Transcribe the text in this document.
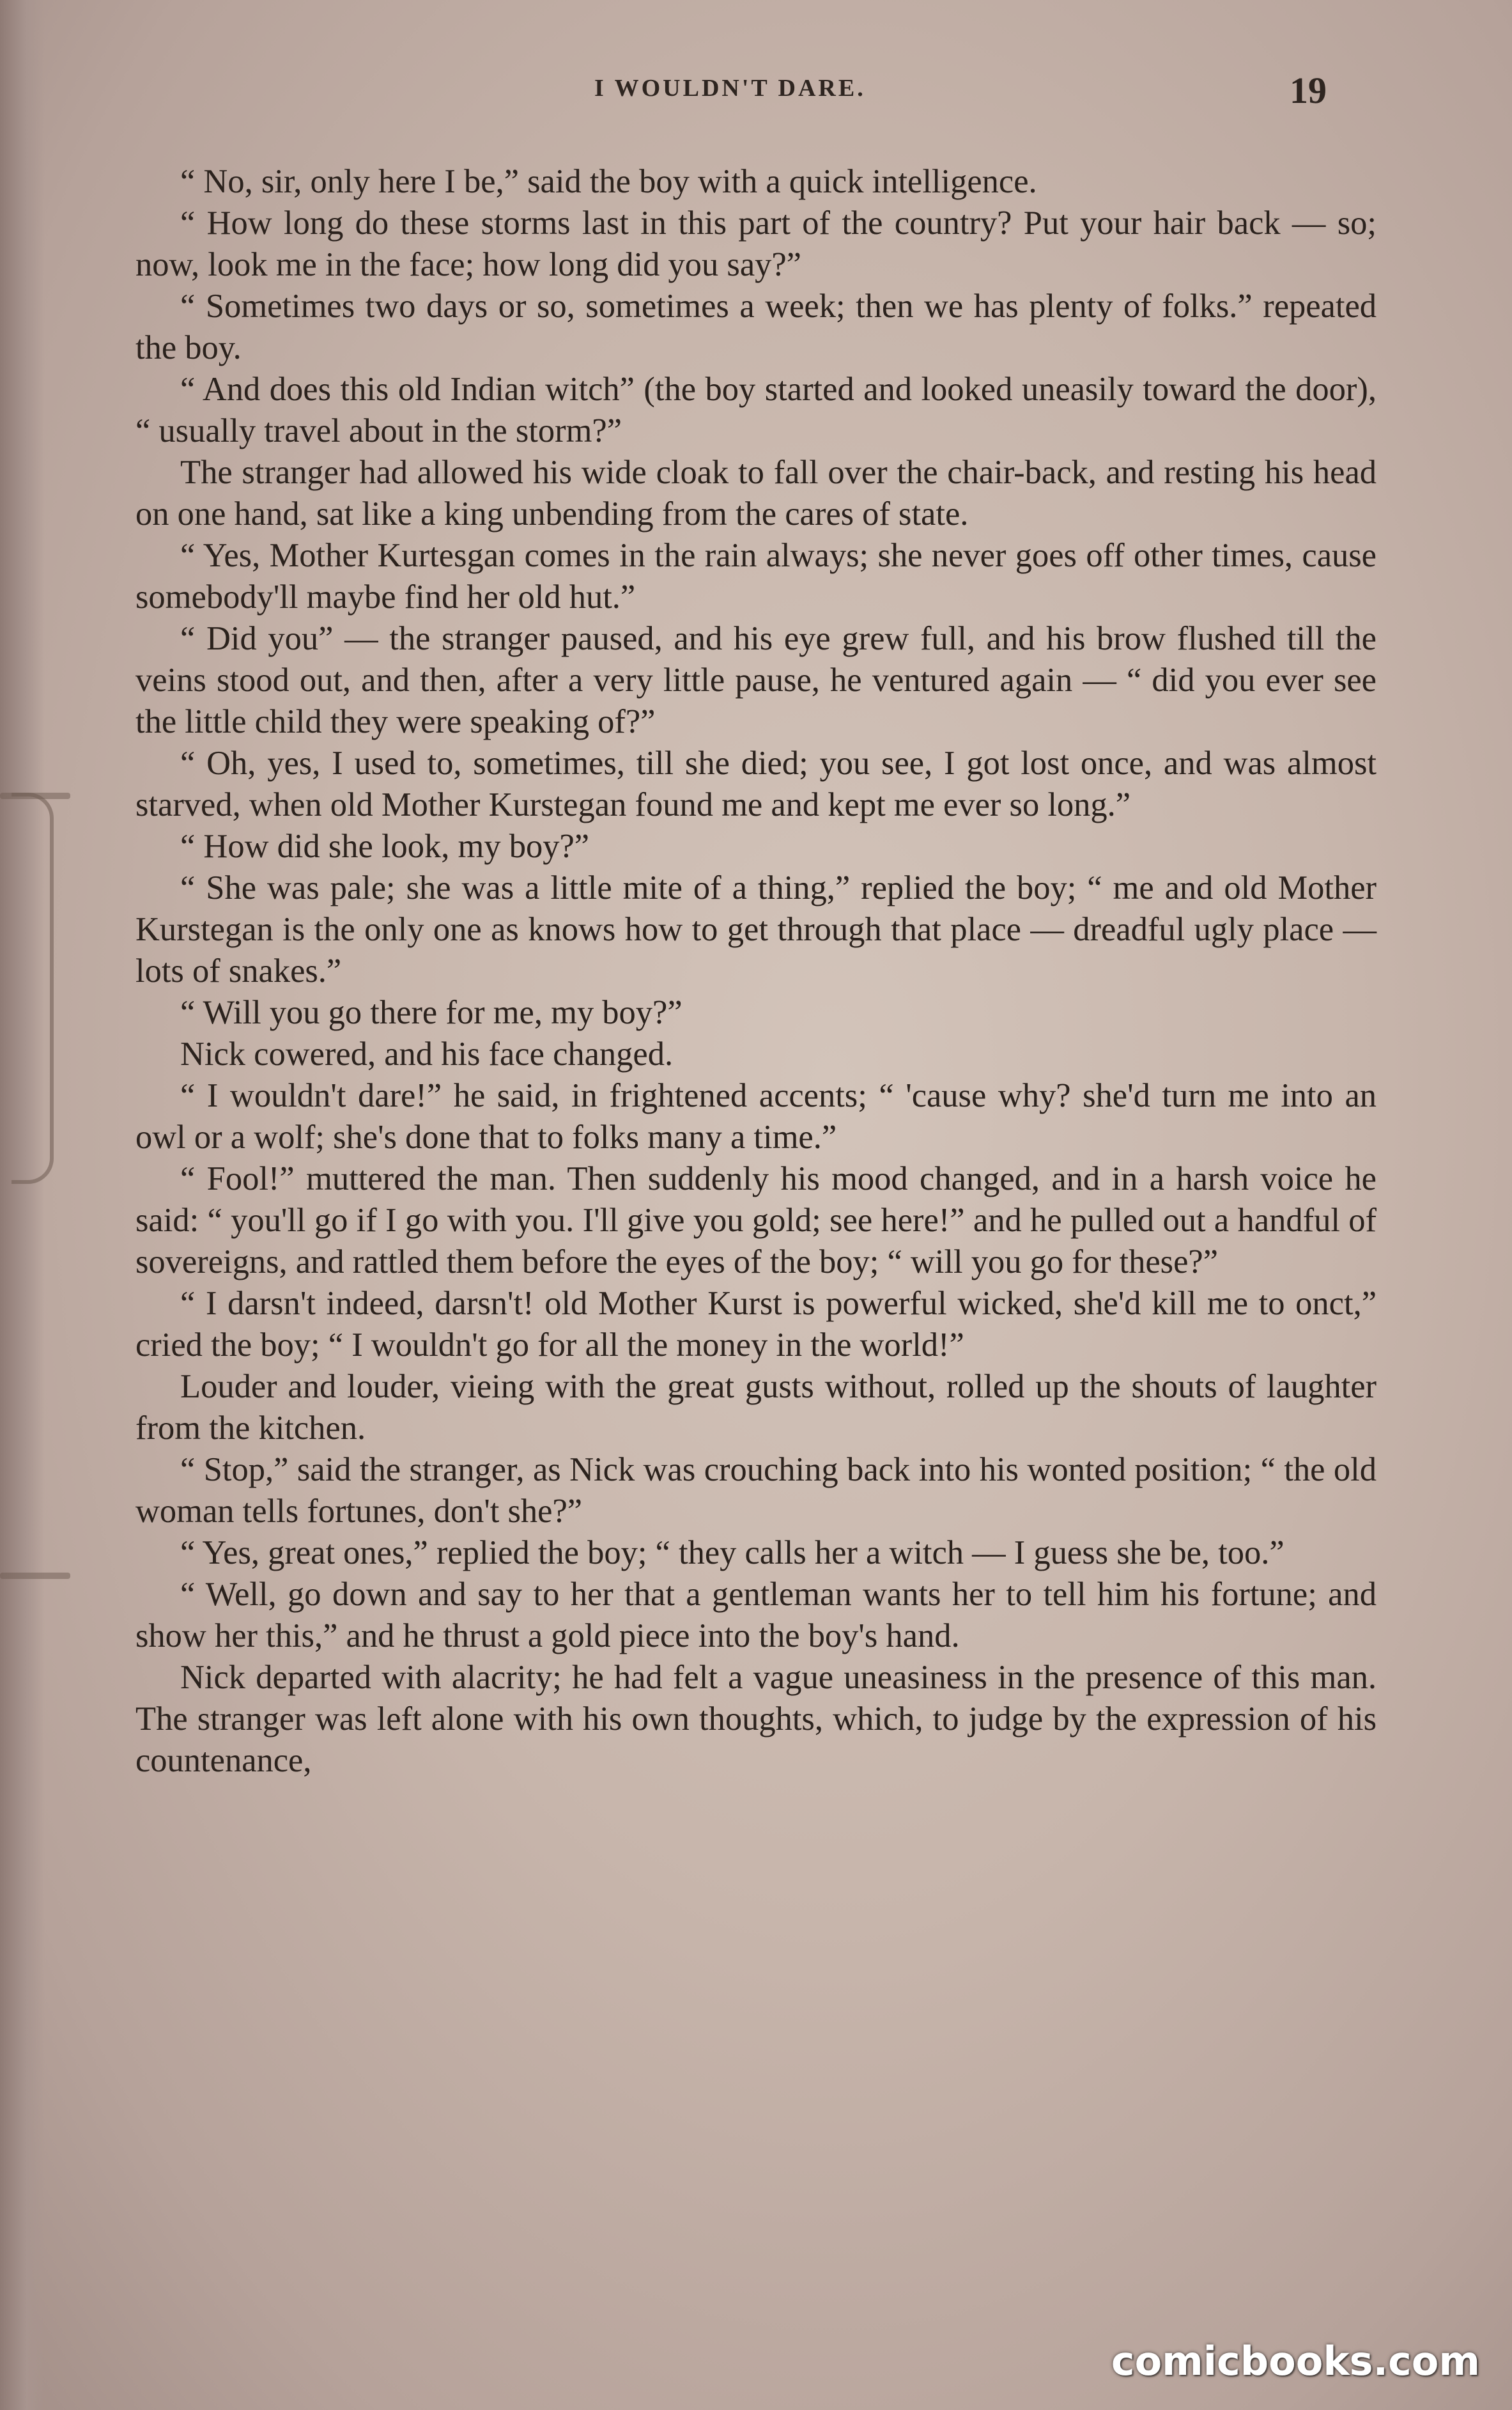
I WOULDN'T DARE.	19

“ No, sir, only here I be,” said the boy with a quick intelligence.

“ How long do these storms last in this part of the country? Put your hair back — so; now, look me in the face; how long did you say?”

“ Sometimes two days or so, sometimes a week; then we has plenty of folks.” repeated the boy.

“ And does this old Indian witch” (the boy started and looked uneasily toward the door), “ usually travel about in the storm?”

The stranger had allowed his wide cloak to fall over the chair-back, and resting his head on one hand, sat like a king unbending from the cares of state.

“ Yes, Mother Kurtesgan comes in the rain always; she never goes off other times, cause somebody'll maybe find her old hut.”

“ Did you” — the stranger paused, and his eye grew full, and his brow flushed till the veins stood out, and then, after a very little pause, he ventured again — “ did you ever see the little child they were speaking of?”

“ Oh, yes, I used to, sometimes, till she died; you see, I got lost once, and was almost starved, when old Mother Kurstegan found me and kept me ever so long.”

“ How did she look, my boy?”

“ She was pale; she was a little mite of a thing,” replied the boy; “ me and old Mother Kurstegan is the only one as knows how to get through that place — dreadful ugly place — lots of snakes.”

“ Will you go there for me, my boy?”

Nick cowered, and his face changed.

“ I wouldn't dare!” he said, in frightened accents; “ 'cause why? she'd turn me into an owl or a wolf; she's done that to folks many a time.”

“ Fool!” muttered the man. Then suddenly his mood changed, and in a harsh voice he said: “ you'll go if I go with you. I'll give you gold; see here!” and he pulled out a handful of sovereigns, and rattled them before the eyes of the boy; “ will you go for these?”

“ I darsn't indeed, darsn't! old Mother Kurst is powerful wicked, she'd kill me to onct,” cried the boy; “ I wouldn't go for all the money in the world!”

Louder and louder, vieing with the great gusts without, rolled up the shouts of laughter from the kitchen.

“ Stop,” said the stranger, as Nick was crouching back into his wonted position; “ the old woman tells fortunes, don't she?”

“ Yes, great ones,” replied the boy; “ they calls her a witch — I guess she be, too.”

“ Well, go down and say to her that a gentleman wants her to tell him his fortune; and show her this,” and he thrust a gold piece into the boy's hand.

Nick departed with alacrity; he had felt a vague uneasiness in the presence of this man. The stranger was left alone with his own thoughts, which, to judge by the expression of his countenance,

comicbooks.com
